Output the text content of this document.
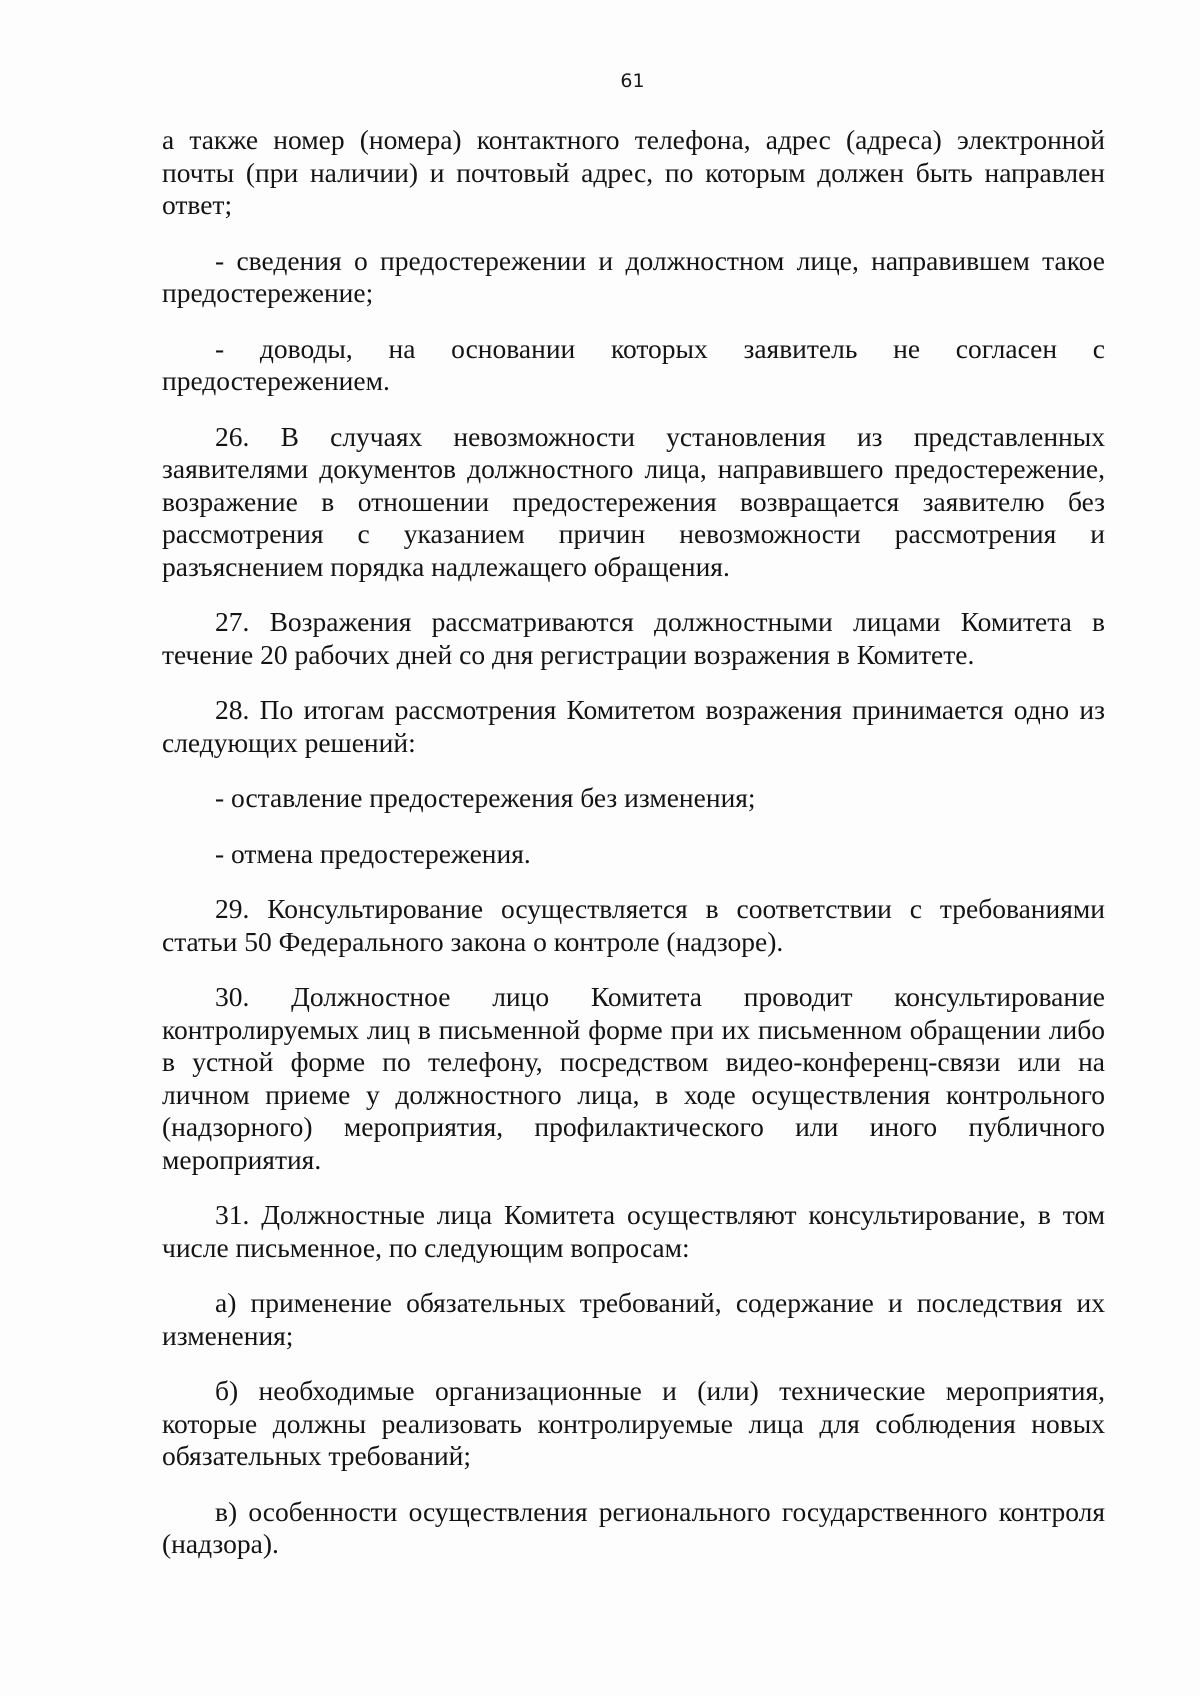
61

а также номер (номера) контактного телефона, адрес (адреса) электронной почты (при наличии) и почтовый адрес, по которым должен быть направлен ответ;

- сведения о предостережении и должностном лице, направившем такое предостережение;

- доводы, на основании которых заявитель не согласен с предостережением.

26. В случаях невозможности установления из представленных заявителями документов должностного лица, направившего предостережение, возражение в отношении предостережения возвращается заявителю без рассмотрения с указанием причин невозможности рассмотрения и разъяснением порядка надлежащего обращения.

27. Возражения рассматриваются должностными лицами Комитета в течение 20 рабочих дней со дня регистрации возражения в Комитете.

28. По итогам рассмотрения Комитетом возражения принимается одно из следующих решений:

- оставление предостережения без изменения;

- отмена предостережения.

29. Консультирование осуществляется в соответствии с требованиями статьи 50 Федерального закона о контроле (надзоре).

30. Должностное лицо Комитета проводит консультирование контролируемых лиц в письменной форме при их письменном обращении либо в устной форме по телефону, посредством видео-конференц-связи или на личном приеме у должностного лица, в ходе осуществления контрольного (надзорного) мероприятия, профилактического или иного публичного мероприятия.

31. Должностные лица Комитета осуществляют консультирование, в том числе письменное, по следующим вопросам:

а) применение обязательных требований, содержание и последствия их изменения;

б) необходимые организационные и (или) технические мероприятия, которые должны реализовать контролируемые лица для соблюдения новых обязательных требований;

в) особенности осуществления регионального государственного контроля (надзора).
